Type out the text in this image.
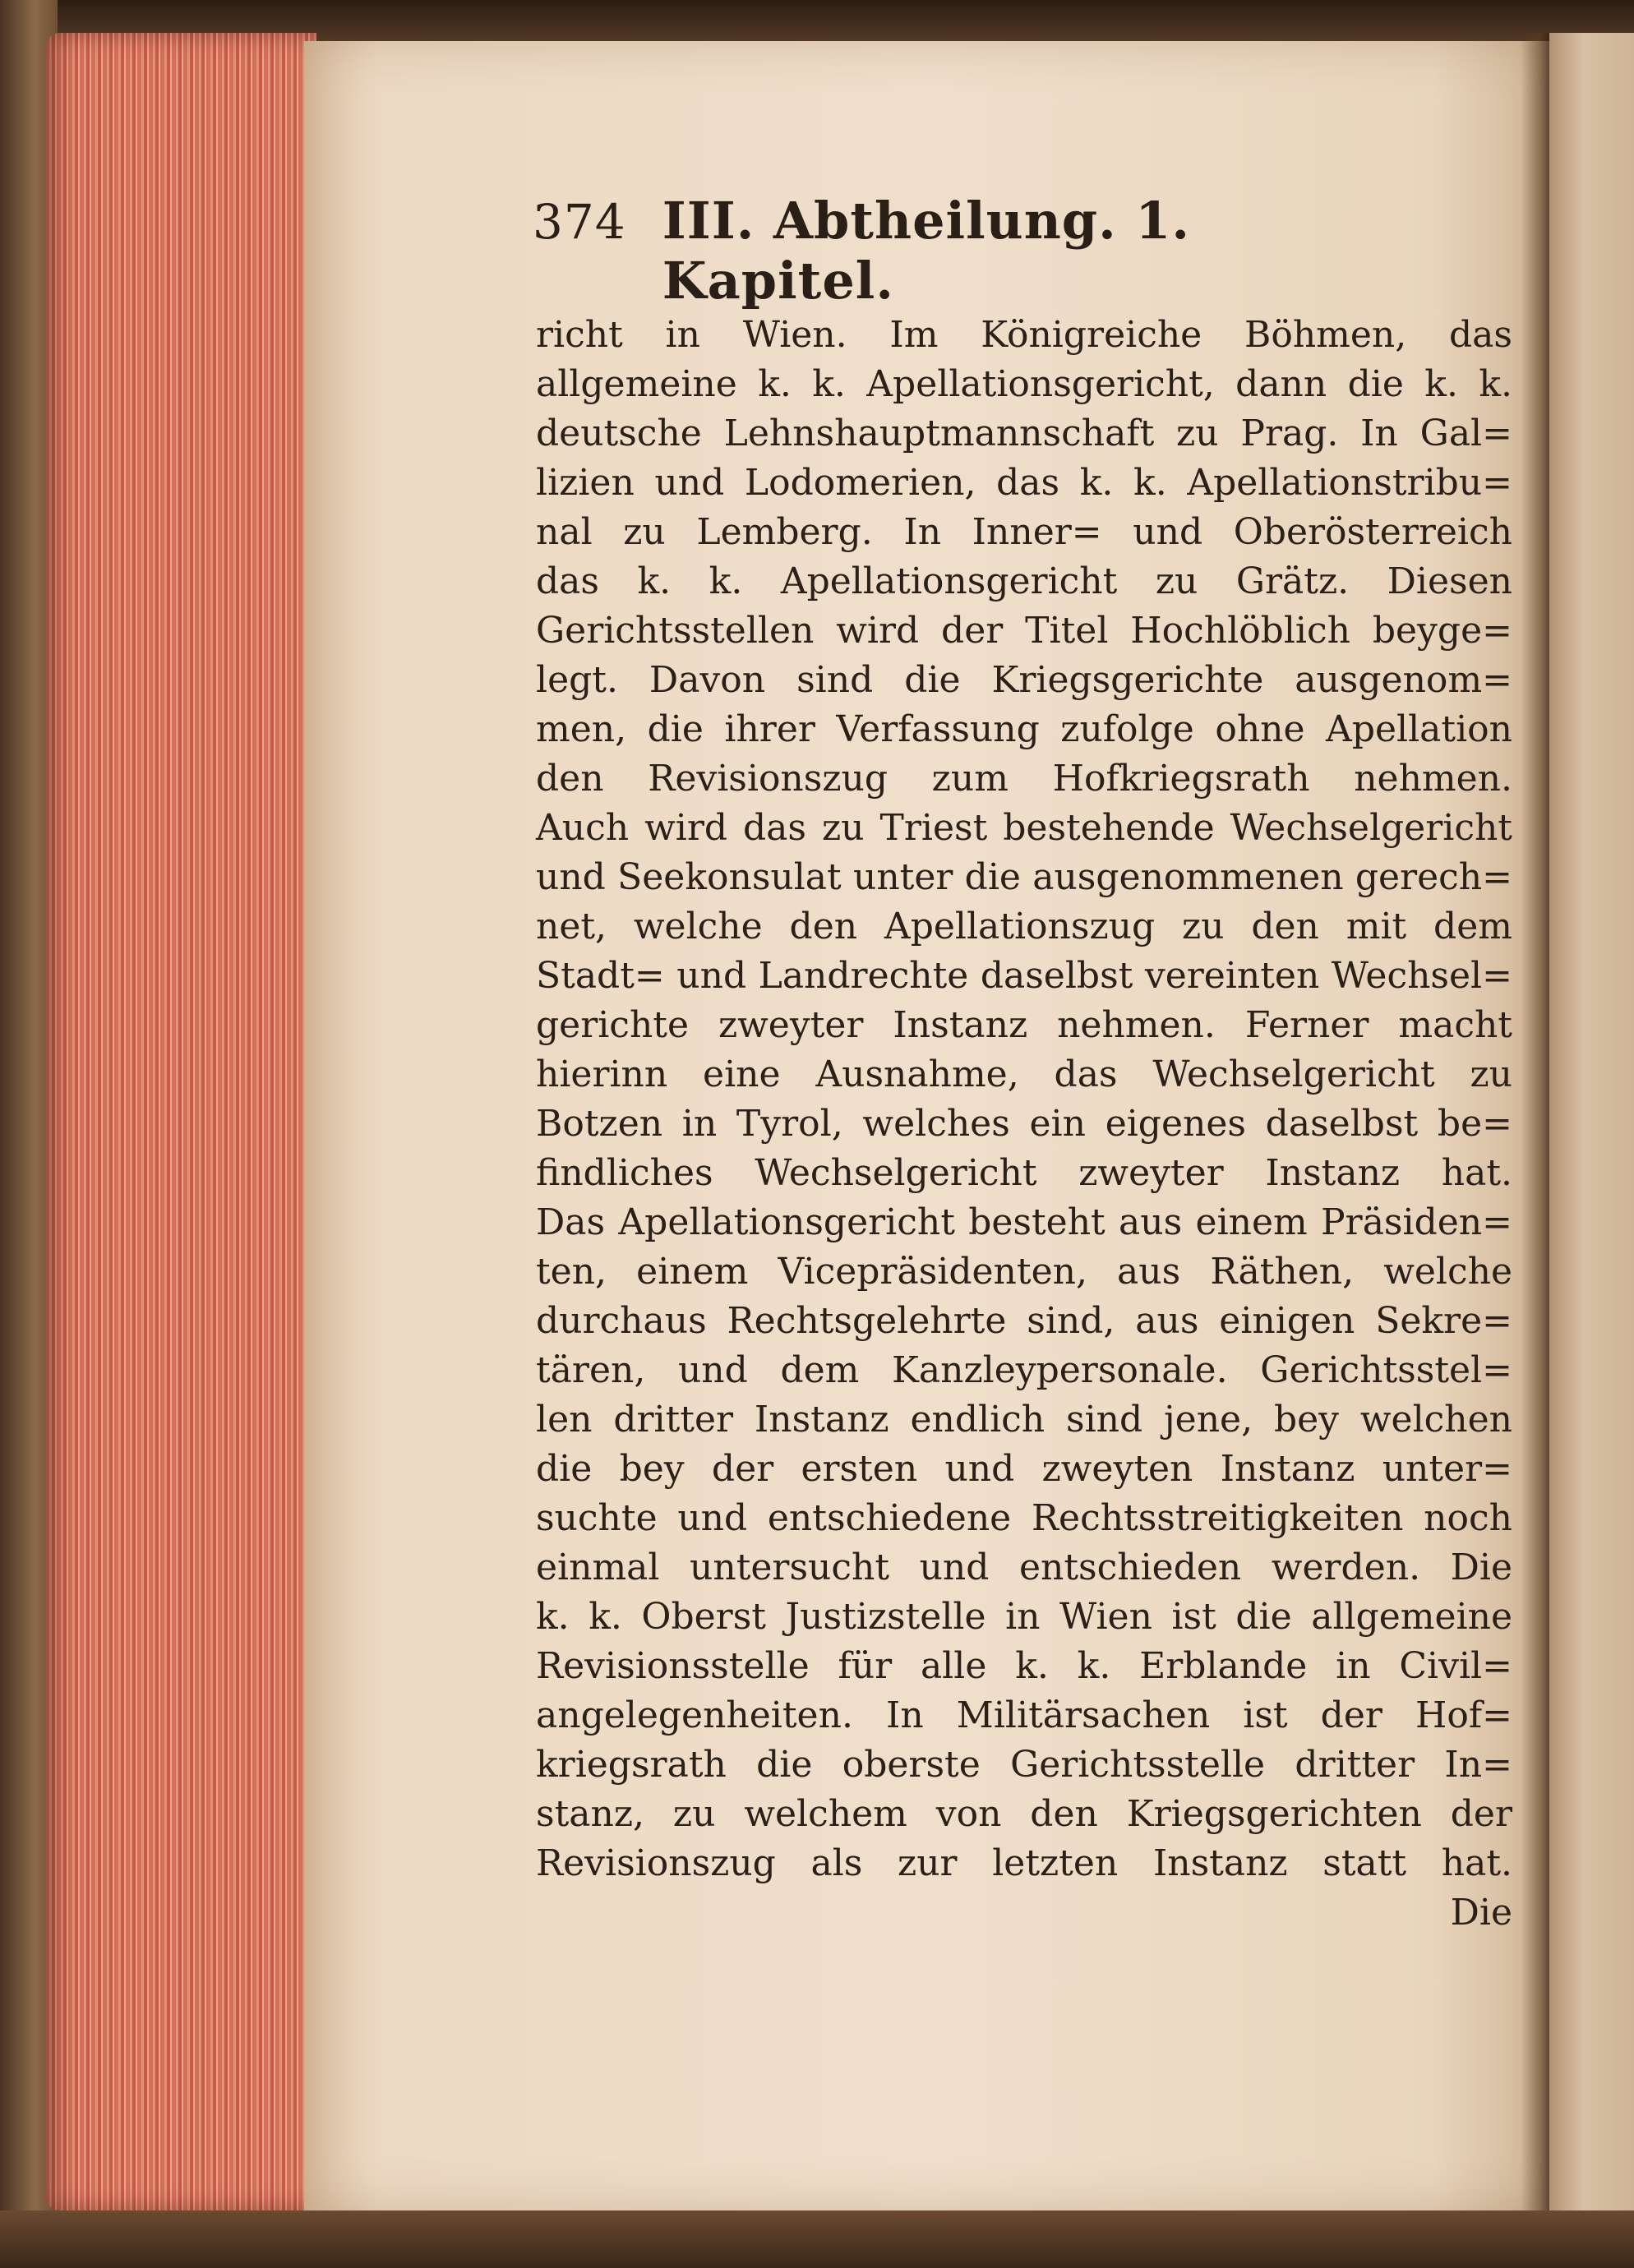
374 III. Abtheilung. 1. Kapitel.
richt in Wien. Im Königreiche Böhmen, das
allgemeine k. k. Apellationsgericht, dann die k. k.
deutsche Lehnshauptmannschaft zu Prag. In Gal=
lizien und Lodomerien, das k. k. Apellationstribu=
nal zu Lemberg. In Inner= und Oberösterreich
das k. k. Apellationsgericht zu Grätz. Diesen
Gerichtsstellen wird der Titel Hochlöblich beyge=
legt. Davon sind die Kriegsgerichte ausgenom=
men, die ihrer Verfassung zufolge ohne Apellation
den Revisionszug zum Hofkriegsrath nehmen.
Auch wird das zu Triest bestehende Wechselgericht
und Seekonsulat unter die ausgenommenen gerech=
net, welche den Apellationszug zu den mit dem
Stadt= und Landrechte daselbst vereinten Wechsel=
gerichte zweyter Instanz nehmen. Ferner macht
hierinn eine Ausnahme, das Wechselgericht zu
Botzen in Tyrol, welches ein eigenes daselbst be=
findliches Wechselgericht zweyter Instanz hat.
Das Apellationsgericht besteht aus einem Präsiden=
ten, einem Vicepräsidenten, aus Räthen, welche
durchaus Rechtsgelehrte sind, aus einigen Sekre=
tären, und dem Kanzleypersonale. Gerichtsstel=
len dritter Instanz endlich sind jene, bey welchen
die bey der ersten und zweyten Instanz unter=
suchte und entschiedene Rechtsstreitigkeiten noch
einmal untersucht und entschieden werden. Die
k. k. Oberst Justizstelle in Wien ist die allgemeine
Revisionsstelle für alle k. k. Erblande in Civil=
angelegenheiten. In Militärsachen ist der Hof=
kriegsrath die oberste Gerichtsstelle dritter In=
stanz, zu welchem von den Kriegsgerichten der
Revisionszug als zur letzten Instanz statt hat.
Die
